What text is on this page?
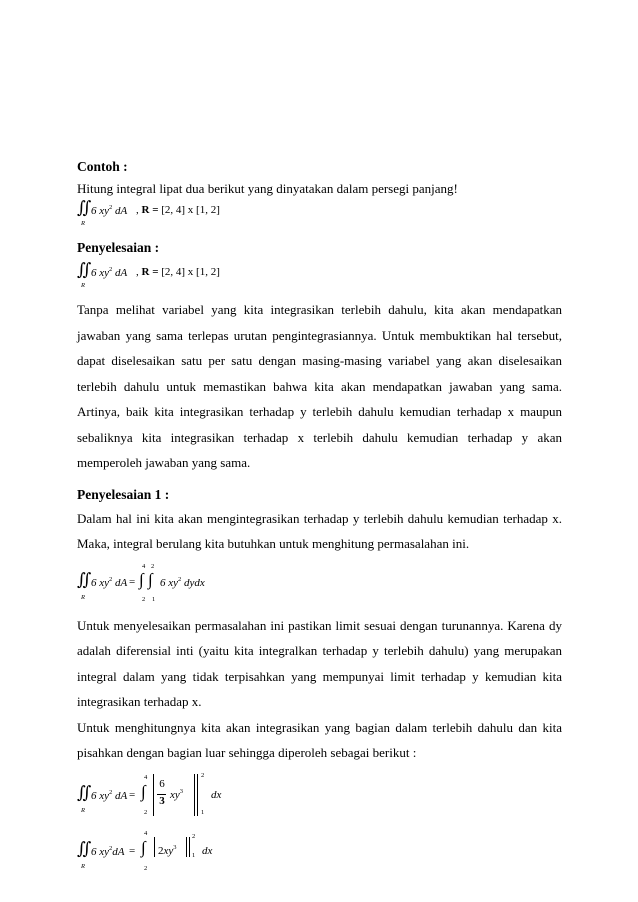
Contoh :
Hitung integral lipat dua berikut yang dinyatakan dalam persegi panjang!
∬
R
6 $xy^2$ dA , R = [2, 4] x [1, 2]
Penyelesaian :
∬
R
6 $xy^2$ dA , R = [2, 4] x [1, 2]
Tanpa melihat variabel yang kita integrasikan terlebih dahulu, kita akan mendapatkan jawaban yang sama terlepas urutan pengintegrasiannya. Untuk membuktikan hal tersebut, dapat diselesaikan satu per satu dengan masing-masing variabel yang akan diselesaikan terlebih dahulu untuk memastikan bahwa kita akan mendapatkan jawaban yang sama. Artinya, baik kita integrasikan terhadap y terlebih dahulu kemudian terhadap x maupun sebaliknya kita integrasikan terhadap x terlebih dahulu kemudian terhadap y akan memperoleh jawaban yang sama.
Penyelesaian 1 :
Dalam hal ini kita akan mengintegrasikan terhadap y terlebih dahulu kemudian terhadap x. Maka, integral berulang kita butuhkan untuk menghitung permasalahan ini.
∬
R
6 $xy^2$ dA =
4 2
∫ ∫
2 1
6 $xy^2$ dydx
Untuk menyelesaikan permasalahan ini pastikan limit sesuai dengan turunannya. Karena dy adalah diferensial inti (yaitu kita integralkan terhadap y terlebih dahulu) yang merupakan integral dalam yang tidak terpisahkan yang mempunyai limit terhadap y kemudian kita integrasikan terhadap x.
Untuk menghitungnya kita akan integrasikan yang bagian dalam terlebih dahulu dan kita pisahkan dengan bagian luar sehingga diperoleh sebagai berikut :
∬
R
6 $xy^2$ dA =
4
∫
2
6
3 $xy^3$
2
1
dx
∬
R
6 $xy^2dA$ =
4
∫
2
$2xy^3$
2
1 dx
